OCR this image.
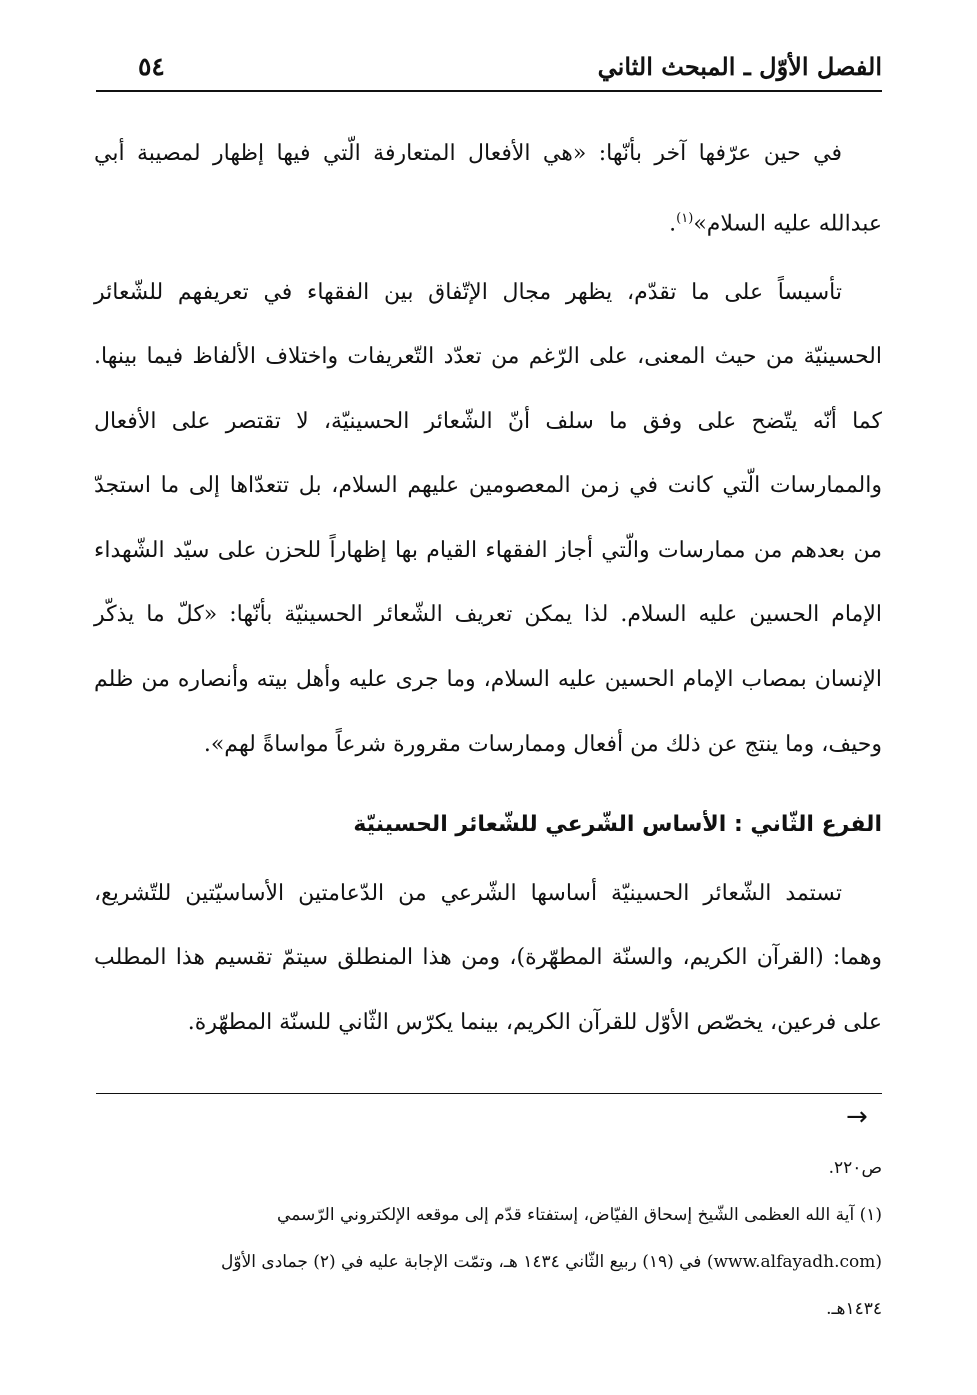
٥٤	الفصل الأوّل ـ المبحث الثاني

في حين عرّفها آخر بأنّها: «هي الأفعال المتعارفة الّتي فيها إظهار لمصيبة أبي عبدالله عليه السلام»$^{(١)}$.

تأسيساً على ما تقدّم، يظهر مجال الإتّفاق بين الفقهاء في تعريفهم للشّعائر الحسينيّة من حيث المعنى، على الرّغم من تعدّد التّعريفات واختلاف الألفاظ فيما بينها. كما أنّه يتّضح على وفق ما سلف أنّ الشّعائر الحسينيّة، لا تقتصر على الأفعال والممارسات الّتي كانت في زمن المعصومين عليهم السلام، بل تتعدّاها إلى ما استجدّ من بعدهم من ممارسات والّتي أجاز الفقهاء القيام بها إظهاراً للحزن على سيّد الشّهداء الإمام الحسين عليه السلام. لذا يمكن تعريف الشّعائر الحسينيّة بأنّها: «كلّ ما يذكّر الإنسان بمصاب الإمام الحسين عليه السلام، وما جرى عليه وأهل بيته وأنصاره من ظلم وحيف، وما ينتج عن ذلك من أفعال وممارسات مقرورة شرعاً مواساةً لهم».

الفرع الثّاني : الأساس الشّرعي للشّعائر الحسينيّة

تستمد الشّعائر الحسينيّة أساسها الشّرعي من الدّعامتين الأساسيّتين للتّشريع، وهما: (القرآن الكريم، والسنّة المطهّرة)، ومن هذا المنطلق سيتمّ تقسيم هذا المطلب على فرعين، يخصّص الأوّل للقرآن الكريم، بينما يكرّس الثّاني للسنّة المطهّرة.

→

ص٢٢٠.

(١) آية الله العظمى الشّيخ إسحاق الفيّاض، إستفتاء قدّم إلى موقعه الإلكتروني الرّسمي

(www.alfayadh.com) في (١٩) ربيع الثّاني ١٤٣٤ هـ، وتمّت الإجابة عليه في (٢) جمادى الأوّل

١٤٣٤هـ.
